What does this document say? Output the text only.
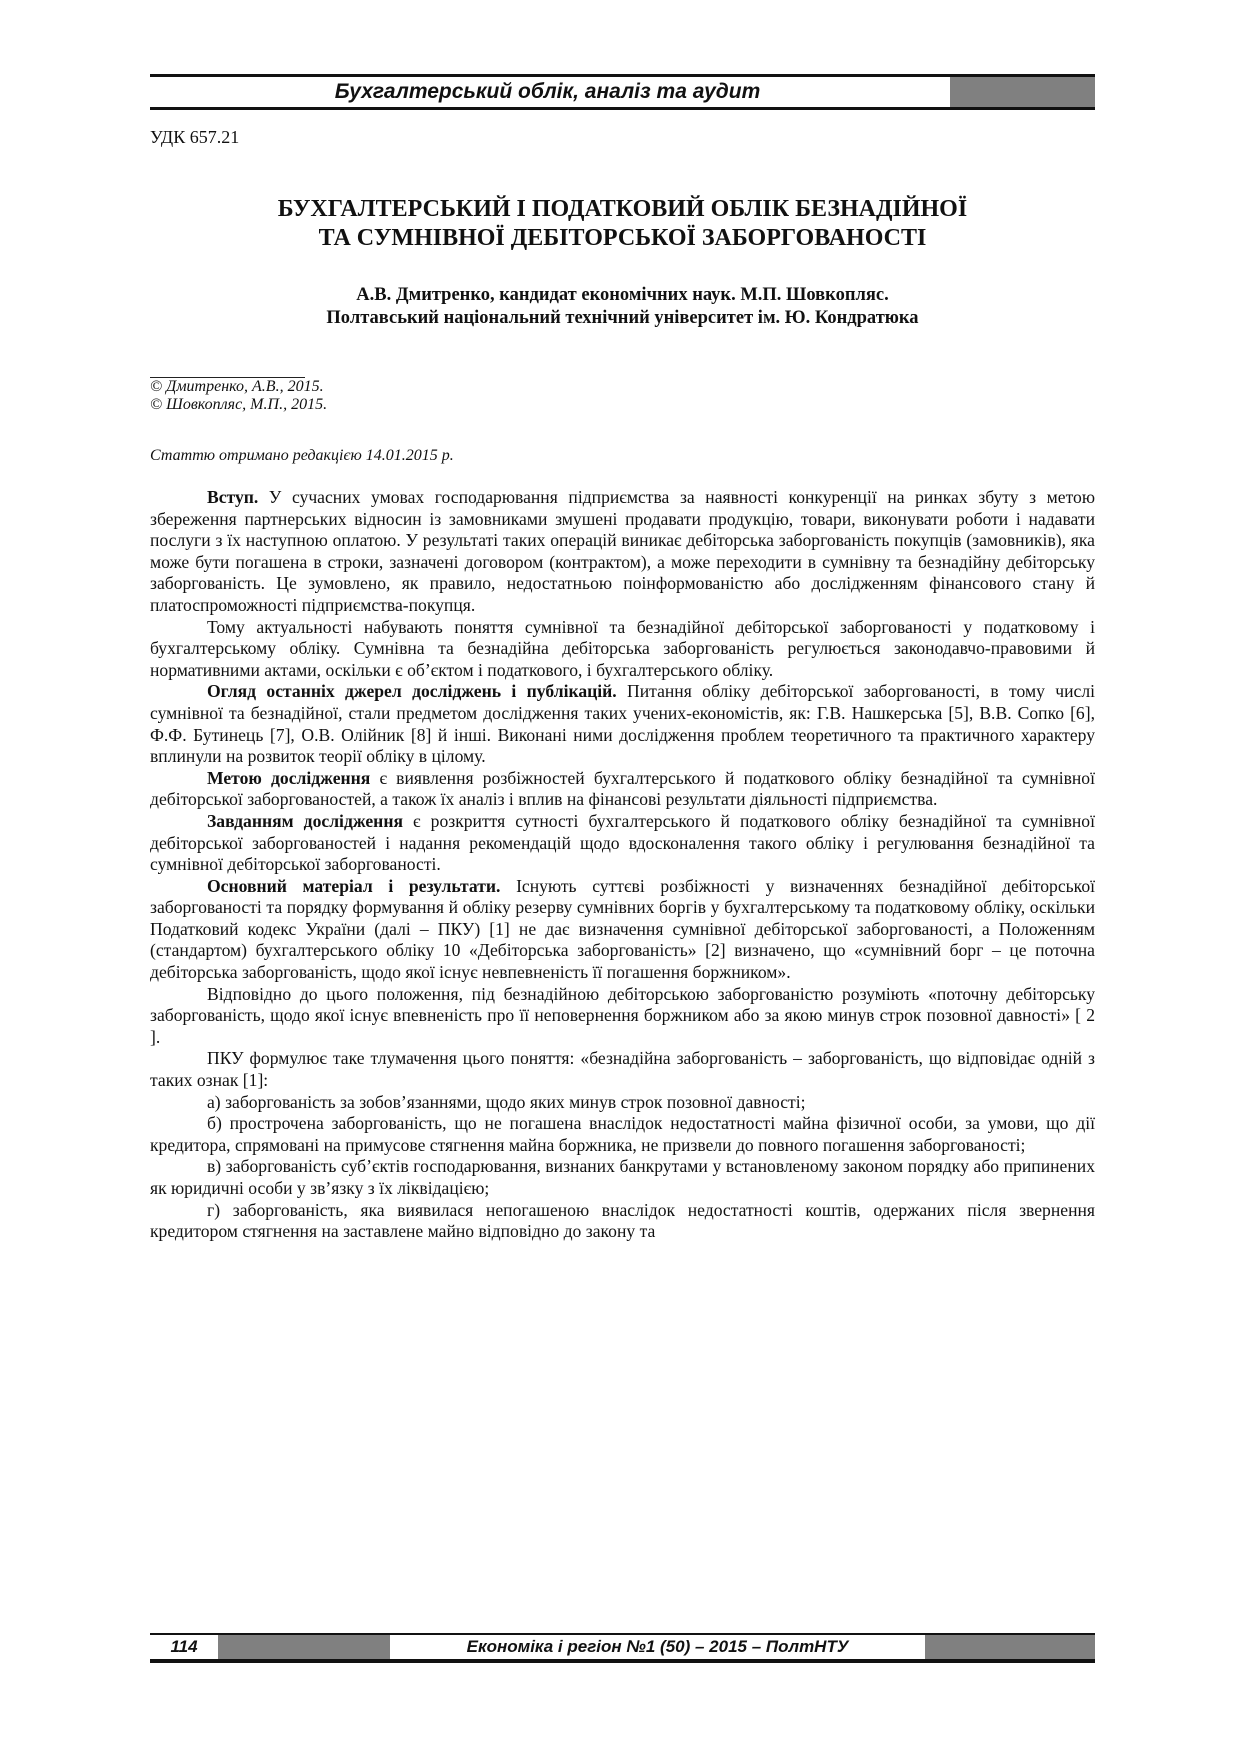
Бухгалтерський облік, аналіз та аудит
УДК 657.21
БУХГАЛТЕРСЬКИЙ І ПОДАТКОВИЙ ОБЛІК БЕЗНАДІЙНОЇ
ТА СУМНІВНОЇ ДЕБІТОРСЬКОЇ ЗАБОРГОВАНОСТІ
А.В. Дмитренко, кандидат економічних наук. М.П. Шовкопляс.
Полтавський національний технічний університет ім. Ю. Кондратюка
© Дмитренко, А.В., 2015.
© Шовкопляс, М.П., 2015.
Статтю отримано редакцією 14.01.2015 р.

Вступ. У сучасних умовах господарювання підприємства за наявності конкуренції на ринках збуту з метою збереження партнерських відносин із замовниками змушені продавати продукцію, товари, виконувати роботи і надавати послуги з їх наступною оплатою. У результаті таких операцій виникає дебіторська заборгованість покупців (замовників), яка може бути погашена в строки, зазначені договором (контрактом), а може переходити в сумнівну та безнадійну дебіторську заборгованість. Це зумовлено, як правило, недостатньою поінформованістю або дослідженням фінансового стану й платоспроможності підприємства-покупця.

Тому актуальності набувають поняття сумнівної та безнадійної дебіторської заборгованості у податковому і бухгалтерському обліку. Сумнівна та безнадійна дебіторська заборгованість регулюється законодавчо-правовими й нормативними актами, оскільки є об’єктом і податкового, і бухгалтерського обліку.

Огляд останніх джерел досліджень і публікацій. Питання обліку дебіторської заборгованості, в тому числі сумнівної та безнадійної, стали предметом дослідження таких учених-економістів, як: Г.В. Нашкерська [5], В.В. Сопко [6], Ф.Ф. Бутинець [7], О.В. Олійник [8] й інші. Виконані ними дослідження проблем теоретичного та практичного характеру вплинули на розвиток теорії обліку в цілому.

Метою дослідження є виявлення розбіжностей бухгалтерського й податкового обліку безнадійної та сумнівної дебіторської заборгованостей, а також їх аналіз і вплив на фінансові результати діяльності підприємства.

Завданням дослідження є розкриття сутності бухгалтерського й податкового обліку безнадійної та сумнівної дебіторської заборгованостей і надання рекомендацій щодо вдосконалення такого обліку і регулювання безнадійної та сумнівної дебіторської заборгованості.

Основний матеріал і результати. Існують суттєві розбіжності у визначеннях безнадійної дебіторської заборгованості та порядку формування й обліку резерву сумнівних боргів у бухгалтерському та податковому обліку, оскільки Податковий кодекс України (далі – ПКУ) [1] не дає визначення сумнівної дебіторської заборгованості, а Положенням (стандартом) бухгалтерського обліку 10 «Дебіторська заборгованість» [2] визначено, що «сумнівний борг – це поточна дебіторська заборгованість, щодо якої існує невпевненість її погашення боржником».

Відповідно до цього положення, під безнадійною дебіторською заборгованістю розуміють «поточну дебіторську заборгованість, щодо якої існує впевненість про її неповернення боржником або за якою минув строк позовної давності» [ 2 ].

ПКУ формулює таке тлумачення цього поняття: «безнадійна заборгованість – заборгованість, що відповідає одній з таких ознак [1]:

а) заборгованість за зобов’язаннями, щодо яких минув строк позовної давності;

б) прострочена заборгованість, що не погашена внаслідок недостатності майна фізичної особи, за умови, що дії кредитора, спрямовані на примусове стягнення майна боржника, не призвели до повного погашення заборгованості;

в) заборгованість суб’єктів господарювання, визнаних банкрутами у встановленому законом порядку або припинених як юридичні особи у зв’язку з їх ліквідацією;

г) заборгованість, яка виявилася непогашеною внаслідок недостатності коштів, одержаних після звернення кредитором стягнення на заставлене майно відповідно до закону та

114	Економіка і регіон №1 (50) – 2015 – ПолтНТУ
